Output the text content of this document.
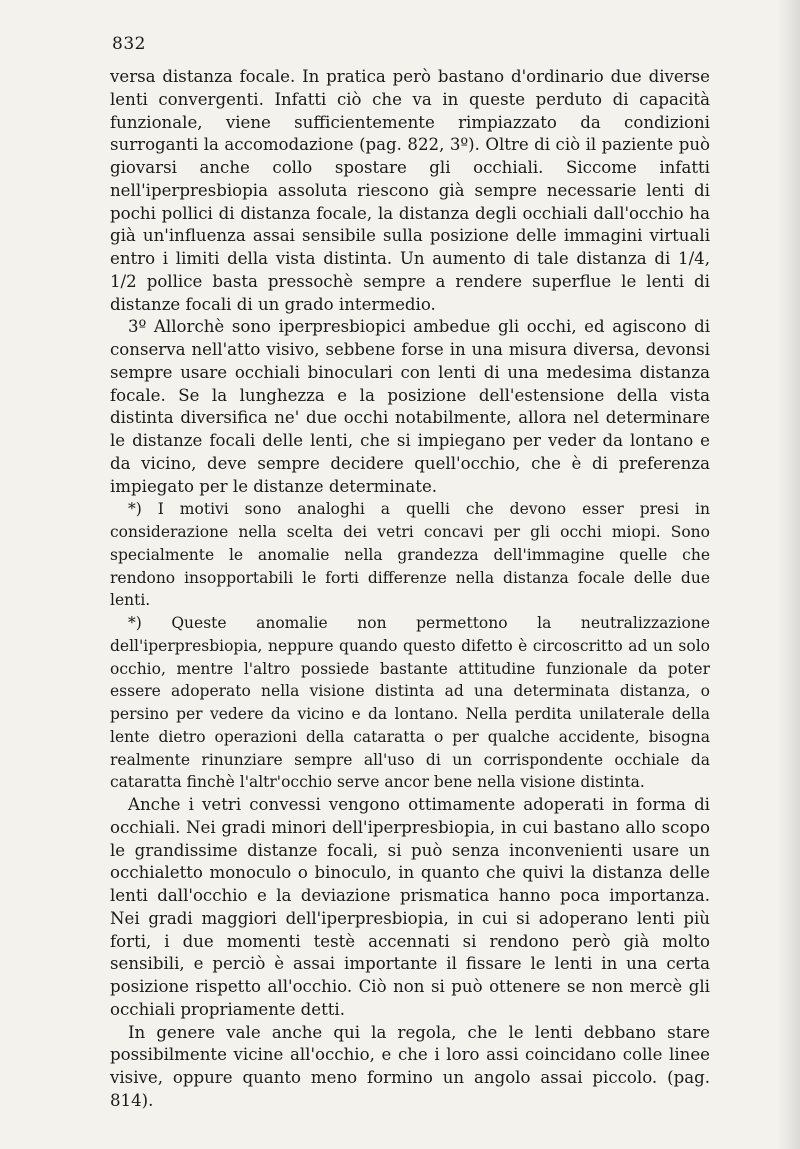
832

versa distanza focale. In pratica però bastano d'ordinario due diverse lenti convergenti. Infatti ciò che va in queste perduto di capacità funzionale, viene sufficientemente rimpiazzato da condizioni surroganti la accomodazione (pag. 822, 3º). Oltre di ciò il paziente può giovarsi anche collo spostare gli occhiali. Siccome infatti nell'iperpresbiopia assoluta riescono già sempre necessarie lenti di pochi pollici di distanza focale, la distanza degli occhiali dall'occhio ha già un'influenza assai sensibile sulla posizione delle immagini virtuali entro i limiti della vista distinta. Un aumento di tale distanza di 1/4, 1/2 pollice basta pressochè sempre a rendere superflue le lenti di distanze focali di un grado intermedio.

3º Allorchè sono iperpresbiopici ambedue gli occhi, ed agiscono di conserva nell'atto visivo, sebbene forse in una misura diversa, devonsi sempre usare occhiali binoculari con lenti di una medesima distanza focale. Se la lunghezza e la posizione dell'estensione della vista distinta diversifica ne' due occhi notabilmente, allora nel determinare le distanze focali delle lenti, che si impiegano per veder da lontano e da vicino, deve sempre decidere quell'occhio, che è di preferenza impiegato per le distanze determinate.

*) I motivi sono analoghi a quelli che devono esser presi in considerazione nella scelta dei vetri concavi per gli occhi miopi. Sono specialmente le anomalie nella grandezza dell'immagine quelle che rendono insopportabili le forti differenze nella distanza focale delle due lenti.

*) Queste anomalie non permettono la neutralizzazione dell'iperpresbiopia, neppure quando questo difetto è circoscritto ad un solo occhio, mentre l'altro possiede bastante attitudine funzionale da poter essere adoperato nella visione distinta ad una determinata distanza, o persino per vedere da vicino e da lontano. Nella perdita unilaterale della lente dietro operazioni della cataratta o per qualche accidente, bisogna realmente rinunziare sempre all'uso di un corrispondente occhiale da cataratta finchè l'altr'occhio serve ancor bene nella visione distinta.

Anche i vetri convessi vengono ottimamente adoperati in forma di occhiali. Nei gradi minori dell'iperpresbiopia, in cui bastano allo scopo le grandissime distanze focali, si può senza inconvenienti usare un occhialetto monoculo o binoculo, in quanto che quivi la distanza delle lenti dall'occhio e la deviazione prismatica hanno poca importanza. Nei gradi maggiori dell'iperpresbiopia, in cui si adoperano lenti più forti, i due momenti testè accennati si rendono però già molto sensibili, e perciò è assai importante il fissare le lenti in una certa posizione rispetto all'occhio. Ciò non si può ottenere se non mercè gli occhiali propriamente detti.

In genere vale anche qui la regola, che le lenti debbano stare possibilmente vicine all'occhio, e che i loro assi coincidano colle linee visive, oppure quanto meno formino un angolo assai piccolo. (pag. 814).
